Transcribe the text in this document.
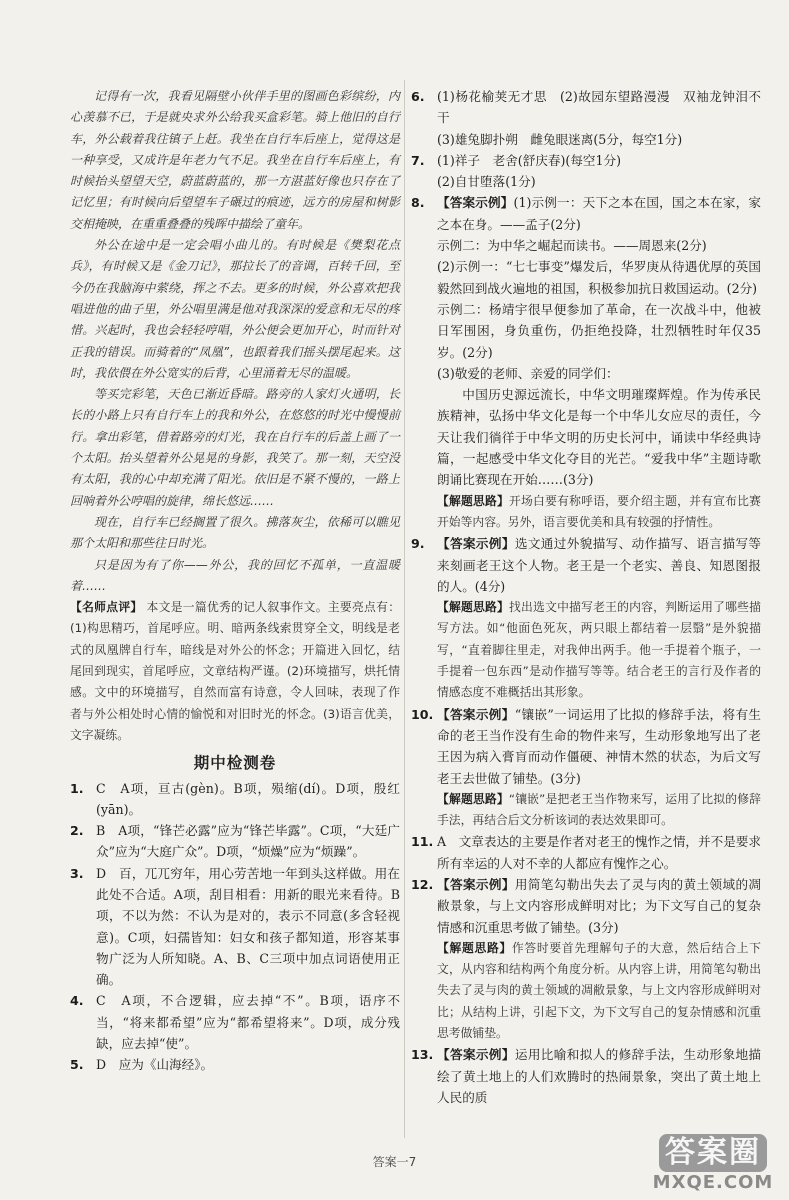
记得有一次，我看见隔壁小伙伴手里的图画色彩缤纷，内心羡慕不已，于是就央求外公给我买盒彩笔。骑上他旧的自行车，外公载着我往镇子上赶。我坐在自行车后座上，觉得这是一种享受，又成许是年老力气不足。我坐在自行车后座上，有时候抬头望望天空，蔚蓝蔚蓝的，那一方湛蓝好像也只存在了记忆里；有时候向后望望车子碾过的痕迹，远方的房屋和树影交相掩映，在重重叠叠的残晖中描绘了童年。

外公在途中是一定会唱小曲儿的。有时候是《樊梨花点兵》，有时候又是《金刀记》，那拉长了的音调，百转千回，至今仍在我脑海中萦绕，挥之不去。更多的时候，外公喜欢把我唱进他的曲子里，外公唱里满是他对我深深的爱意和无尽的疼惜。兴起时，我也会轻轻哼唱，外公便会更加开心，时而针对正我的错误。而骑着的“凤凰”，也跟着我们摇头摆尾起来。这时，我依偎在外公宽实的后背，心里涌着无尽的温暖。

等买完彩笔，天色已渐近昏暗。路旁的人家灯火通明，长长的小路上只有自行车上的我和外公，在悠悠的时光中慢慢前行。拿出彩笔，借着路旁的灯光，我在自行车的后盖上画了一个太阳。抬头望着外公晃晃的身影，我笑了。那一刻，天空没有太阳，我的心中却充满了阳光。依旧是不紧不慢的，一路上回响着外公哼唱的旋律，绵长悠远……

现在，自行车已经搁置了很久。拂落灰尘，依稀可以瞧见那个太阳和那些往日时光。

只是因为有了你——外公，我的回忆不孤单，一直温暖着……

【名师点评】 本文是一篇优秀的记人叙事作文。主要亮点有：(1)构思精巧，首尾呼应。明、暗两条线索贯穿全文，明线是老式的凤凰牌自行车，暗线是对外公的怀念；开篇进入回忆，结尾回到现实，首尾呼应，文章结构严谨。(2)环境描写，烘托情感。文中的环境描写，自然而富有诗意，令人回味，表现了作者与外公相处时心情的愉悦和对旧时光的怀念。(3)语言优美，文字凝练。

期中检测卷
1 .	C　A项，亘古(gèn)。B项，殒缩(dí)。D项，殷红(yān)。

2 .	B　A项，“锋芒必露”应为“锋芒毕露”。C项，“大廷广众”应为“大庭广众”。D项，“烦燥”应为“烦躁”。

3 .	D　百，兀兀穷年，用心劳苦地一年到头这样做。用在此处不合适。A项，刮目相看：用新的眼光来看待。B项，不以为然：不认为是对的，表示不同意(多含轻视意)。C项，妇孺皆知：妇女和孩子都知道，形容某事物广泛为人所知晓。A、B、C三项中加点词语使用正确。

4 .	C　A项，不合逻辑，应去掉“不”。B项，语序不当，“将来都希望”应为“都希望将来”。D项，成分残缺，应去掉“使”。

5 .	D　应为《山海经》。

6 .	(1)杨花榆荚无才思　(2)故园东望路漫漫　双袖龙钟泪不干

(3)雄兔脚扑朔　雌兔眼迷离(5分，每空1分)

7 .	(1)祥子　老舍(舒庆春)(每空1分)

(2)自甘堕落(1分)

8 .	【答案示例】(1)示例一：天下之本在国，国之本在家，家之本在身。——孟子(2分)

示例二：为中华之崛起而读书。——周恩来(2分)

(2)示例一：“七七事变”爆发后，华罗庚从待遇优厚的英国毅然回到战火遍地的祖国，积极参加抗日救国运动。(2分)

示例二：杨靖宇很早便参加了革命，在一次战斗中，他被日军围困，身负重伤，仍拒绝投降，壮烈牺牲时年仅35岁。(2分)

(3)敬爱的老师、亲爱的同学们：

中国历史源远流长，中华文明璀璨辉煌。作为传承民族精神，弘扬中华文化是每一个中华儿女应尽的责任，今天让我们徜徉于中华文明的历史长河中，诵读中华经典诗篇，一起感受中华文化夺目的光芒。“爱我中华”主题诗歌朗诵比赛现在开始……(3分)

【解题思路】开场白要有称呼语，要介绍主题，并有宣布比赛开始等内容。另外，语言要优美和具有较强的抒情性。

9 .	【答案示例】选文通过外貌描写、动作描写、语言描写等来刻画老王这个人物。老王是一个老实、善良、知恩图报的人。(4分)

【解题思路】找出选文中描写老王的内容，判断运用了哪些描写方法。如“他面色死灰，两只眼上都结着一层翳”是外貌描写，“直着脚往里走，对我伸出两手。他一手提着个瓶子，一手提着一包东西”是动作描写等等。结合老王的言行及作者的情感态度不难概括出其形象。

10 . 【答案示例】“镶嵌”一词运用了比拟的修辞手法，将有生命的老王当作没有生命的物件来写，生动形象地写出了老王因为病入膏肓而动作僵硬、神情木然的状态，为后文写老王去世做了铺垫。(3分)

【解题思路】“镶嵌”是把老王当作物来写，运用了比拟的修辞手法，再结合后文分析该词的表达效果即可。

11 . A　文章表达的主要是作者对老王的愧怍之情，并不是要求所有幸运的人对不幸的人都应有愧怍之心。

12 . 【答案示例】用简笔勾勒出失去了灵与肉的黄土领域的凋敝景象，与上文内容形成鲜明对比；为下文写自己的复杂情感和沉重思考做了铺垫。(3分)

【解题思路】作答时要首先理解句子的大意，然后结合上下文，从内容和结构两个角度分析。从内容上讲，用简笔勾勒出失去了灵与肉的黄土领域的凋敝景象，与上文内容形成鲜明对比；从结构上讲，引起下文，为下文写自己的复杂情感和沉重思考做铺垫。

13 . 【答案示例】运用比喻和拟人的修辞手法，生动形象地描绘了黄土地上的人们欢腾时的热闹景象，突出了黄土地上人民的质

答案一7	答案圈
MXQE.COM
